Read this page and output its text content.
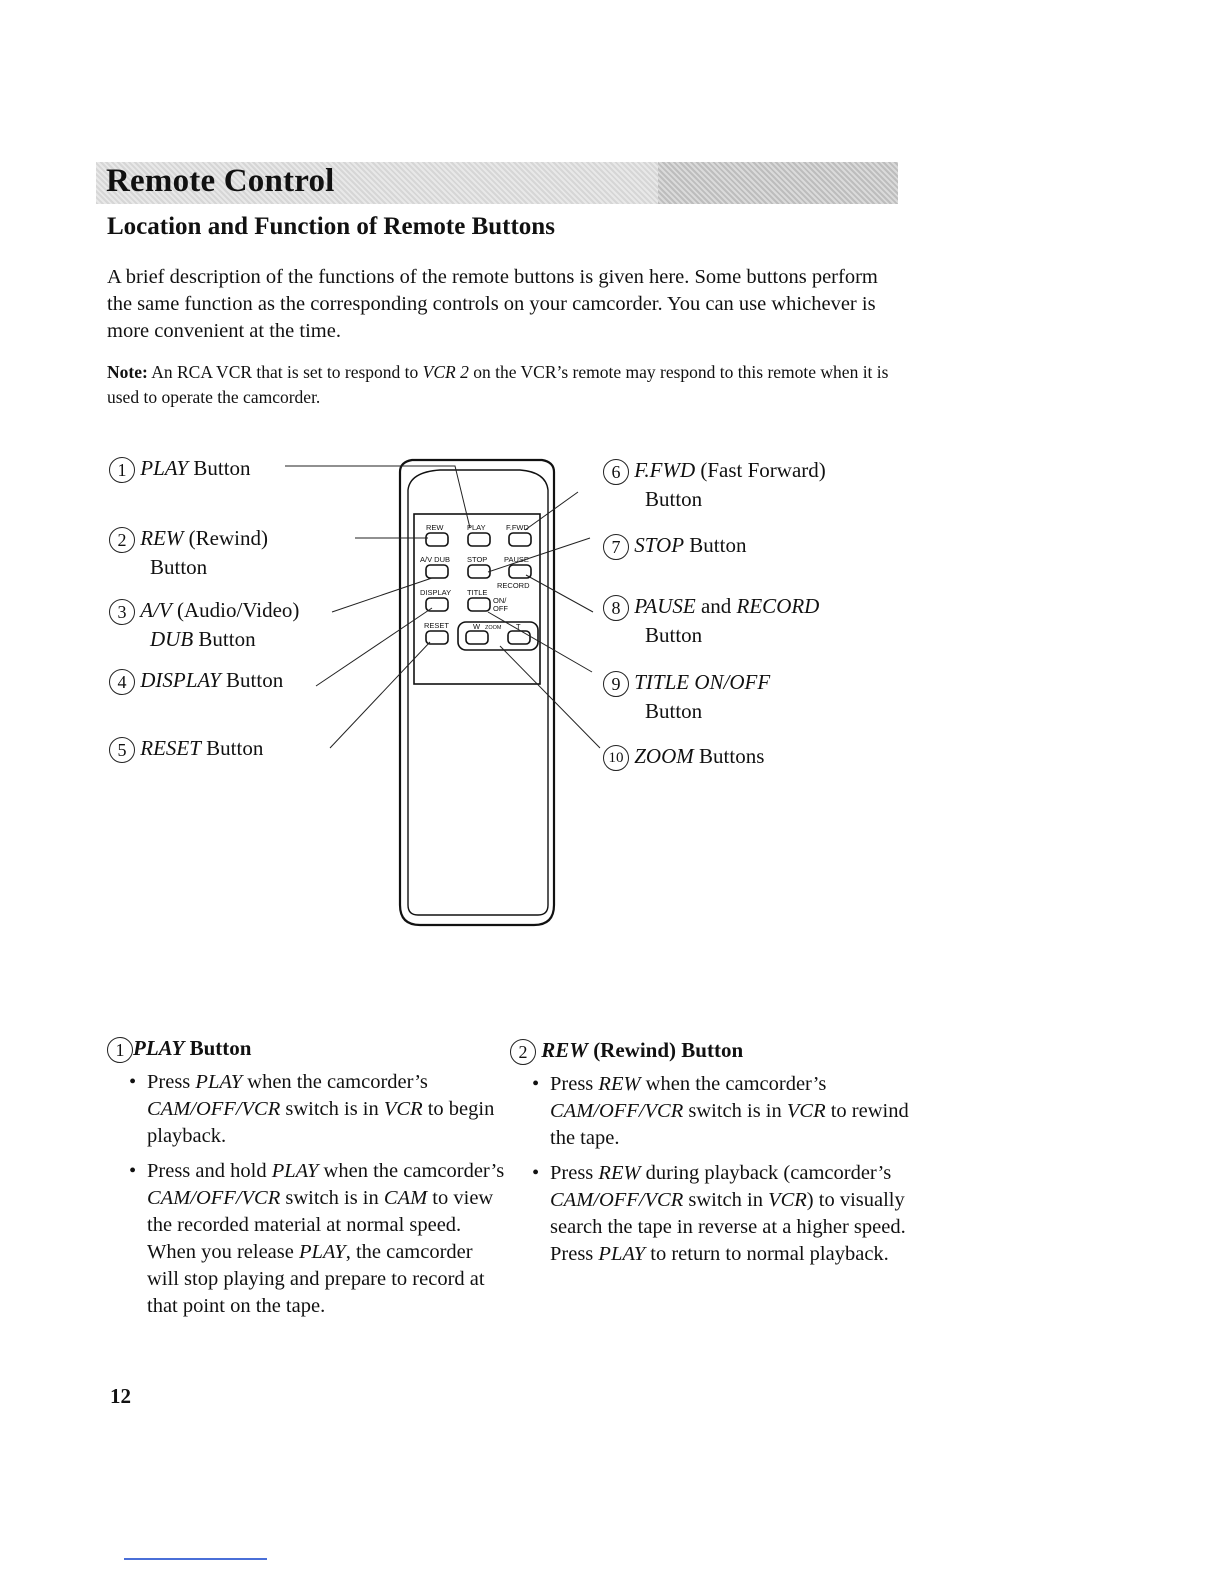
Remote Control
Location and Function of Remote Buttons

A brief description of the functions of the remote buttons is given here. Some buttons perform the same function as the corresponding controls on your camcorder. You can use whichever is more convenient at the time.

Note: An RCA VCR that is set to respond to VCR 2 on the VCR’s remote may respond to this remote when it is used to operate the camcorder.

REW	PLAY	F.FWD
A/V DUB STOP PAUSE
RECORD
DISPLAY TITLE
ON/
OFF
RESET	W ZOOM T
1 PLAY Button
2 REW (Rewind)
Button
3 A/V (Audio/Video)
DUB Button
4 DISPLAY Button
5 RESET Button
6 F.FWD (Fast Forward)
Button
7 STOP Button
8 PAUSE and RECORD
Button
9 TITLE ON/OFF
Button
10 ZOOM Buttons
1 PLAY Button
• Press PLAY when the camcorder’s CAM/OFF/VCR switch is in VCR to begin playback.
• Press and hold PLAY when the camcorder’s CAM/OFF/VCR switch is in CAM to view the recorded material at normal speed. When you release PLAY, the camcorder will stop playing and prepare to record at that point on the tape.
2 REW (Rewind) Button
• Press REW when the camcorder’s CAM/OFF/VCR switch is in VCR to rewind the tape.
• Press REW during playback (camcorder’s CAM/OFF/VCR switch in VCR) to visually search the tape in reverse at a higher speed. Press PLAY to return to normal playback.
12
